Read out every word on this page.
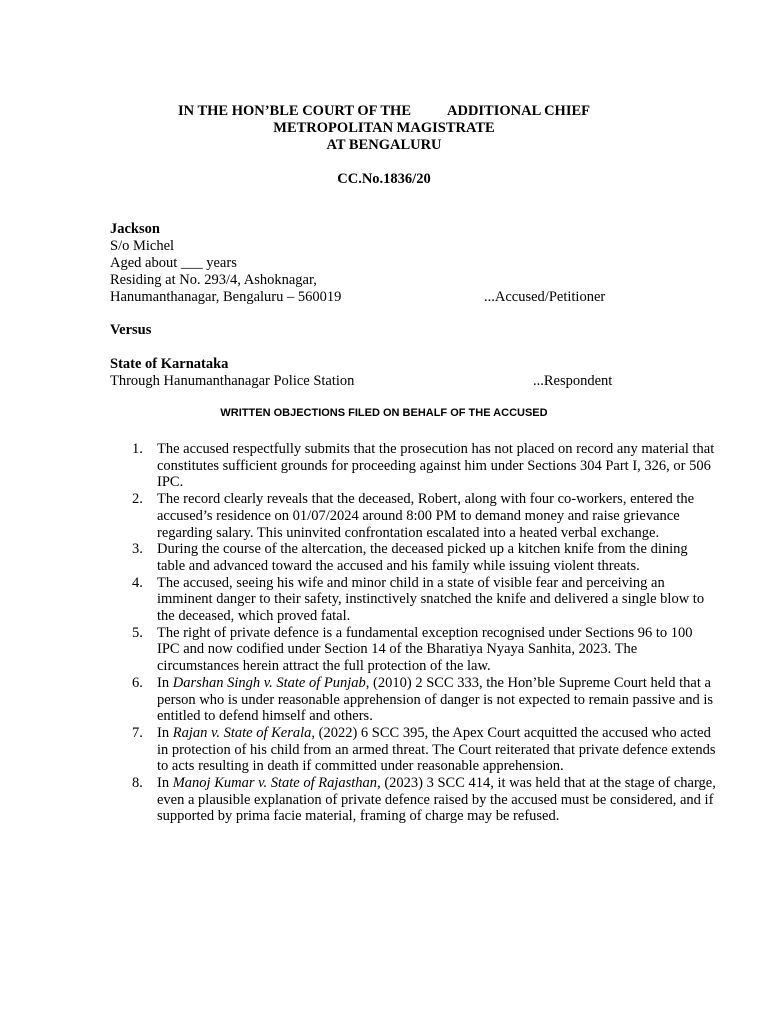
IN THE HON’BLE COURT OF THE ADDITIONAL CHIEF
METROPOLITAN MAGISTRATE
AT BENGALURU
CC.No.1836/20
Jackson
S/o Michel
Aged about ___ years
Residing at No. 293/4, Ashoknagar,
Hanumanthanagar, Bengaluru – 560019	...Accused/Petitioner
Versus
State of Karnataka
Through Hanumanthanagar Police Station	...Respondent
WRITTEN OBJECTIONS FILED ON BEHALF OF THE ACCUSED
1. The accused respectfully submits that the prosecution has not placed on record any material that constitutes sufficient grounds for proceeding against him under Sections 304 Part I, 326, or 506 IPC.
2. The record clearly reveals that the deceased, Robert, along with four co-workers, entered the accused’s residence on 01/07/2024 around 8:00 PM to demand money and raise grievance regarding salary. This uninvited confrontation escalated into a heated verbal exchange.
3. During the course of the altercation, the deceased picked up a kitchen knife from the dining table and advanced toward the accused and his family while issuing violent threats.
4. The accused, seeing his wife and minor child in a state of visible fear and perceiving an imminent danger to their safety, instinctively snatched the knife and delivered a single blow to the deceased, which proved fatal.
5. The right of private defence is a fundamental exception recognised under Sections 96 to 100 IPC and now codified under Section 14 of the Bharatiya Nyaya Sanhita, 2023. The circumstances herein attract the full protection of the law.
6. In Darshan Singh v. State of Punjab, (2010) 2 SCC 333, the Hon’ble Supreme Court held that a person who is under reasonable apprehension of danger is not expected to remain passive and is entitled to defend himself and others.
7. In Rajan v. State of Kerala, (2022) 6 SCC 395, the Apex Court acquitted the accused who acted in protection of his child from an armed threat. The Court reiterated that private defence extends to acts resulting in death if committed under reasonable apprehension.
8. In Manoj Kumar v. State of Rajasthan, (2023) 3 SCC 414, it was held that at the stage of charge, even a plausible explanation of private defence raised by the accused must be considered, and if supported by prima facie material, framing of charge may be refused.
